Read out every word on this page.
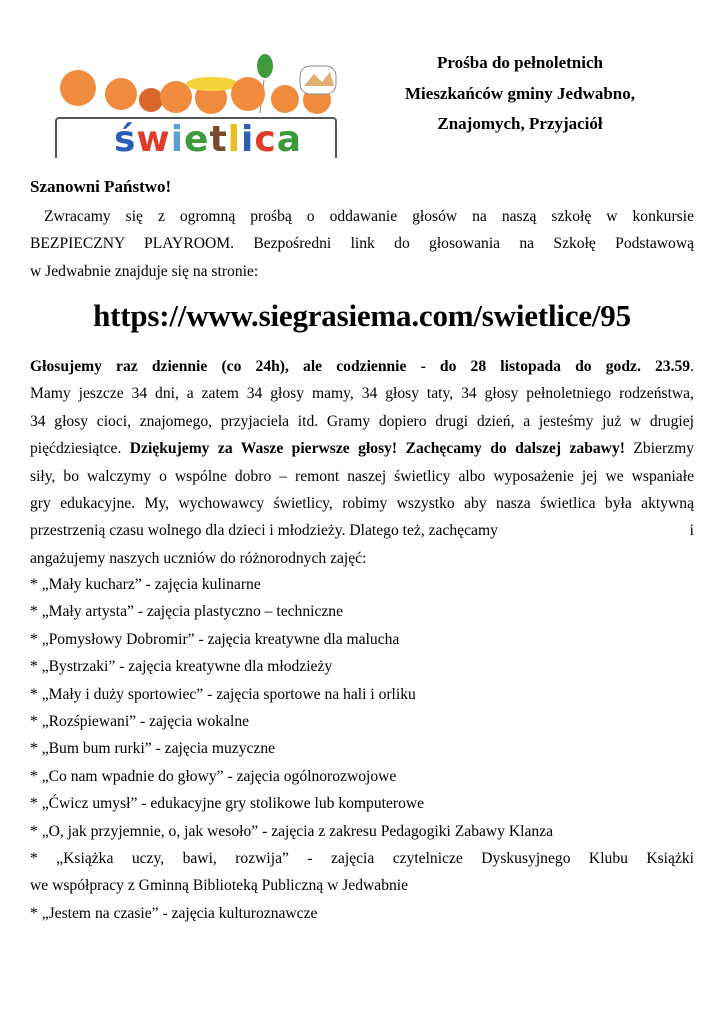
świetlica
Prośba do pełnoletnich
Mieszkańców gminy Jedwabno,
Znajomych, Przyjaciół
Szanowni Państwo!
Zwracamy się z ogromną prośbą o oddawanie głosów na naszą szkołę w konkursie
BEZPIECZNY PLAYROOM. Bezpośredni link do głosowania na Szkołę Podstawową
w Jedwabnie znajduje się na stronie:
https://www.siegrasiema.com/swietlice/95
Głosujemy raz dziennie (co 24h), ale codziennie - do 28 listopada do godz. 23.59.
Mamy jeszcze 34 dni, a zatem 34 głosy mamy, 34 głosy taty, 34 głosy pełnoletniego rodzeństwa,
34 głosy cioci, znajomego, przyjaciela itd. Gramy dopiero drugi dzień, a jesteśmy już w drugiej
pięćdziesiątce. Dziękujemy za Wasze pierwsze głosy! Zachęcamy do dalszej zabawy! Zbierzmy
siły, bo walczymy o wspólne dobro – remont naszej świetlicy albo wyposażenie jej we wspaniałe
gry edukacyjne. My, wychowawcy świetlicy, robimy wszystko aby nasza świetlica była aktywną
przestrzenią czasu wolnego dla dzieci i młodzieży. Dlatego też, zachęcamy	i
angażujemy naszych uczniów do różnorodnych zajęć:
* „Mały kucharz” - zajęcia kulinarne
* „Mały artysta” - zajęcia plastyczno – techniczne
* „Pomysłowy Dobromir” - zajęcia kreatywne dla malucha
* „Bystrzaki” - zajęcia kreatywne dla młodzieży
* „Mały i duży sportowiec” - zajęcia sportowe na hali i orliku
* „Rozśpiewani” - zajęcia wokalne
* „Bum bum rurki” - zajęcia muzyczne
* „Co nam wpadnie do głowy” - zajęcia ogólnorozwojowe
* „Ćwicz umysł” - edukacyjne gry stolikowe lub komputerowe
* „O, jak przyjemnie, o, jak wesoło” - zajęcia z zakresu Pedagogiki Zabawy Klanza
* „Książka uczy, bawi, rozwija” - zajęcia czytelnicze Dyskusyjnego Klubu Książki
we współpracy z Gminną Biblioteką Publiczną w Jedwabnie
* „Jestem na czasie” - zajęcia kulturoznawcze
